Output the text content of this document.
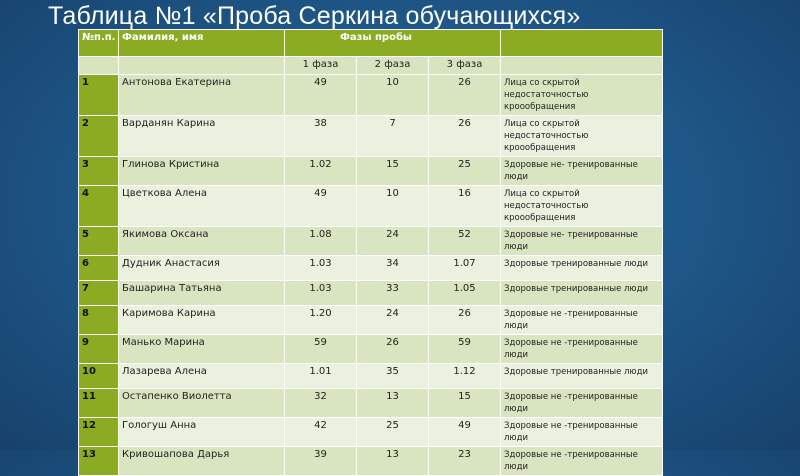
Таблица №1 «Проба Серкина обучающихся»
№п.п.	Фамилия, имя	Фазы пробы			
		1 фаза	2 фаза	3 фаза	
1	Антонова Екатерина	49	10	26	Лица со скрытой недостаточностью кроообращения
2	Варданян Карина	38	7	26	Лица со скрытой недостаточностью кроообращения
3	Глинова Кристина	1.02	15	25	Здоровые не- тренированные люди
4	Цветкова Алена	49	10	16	Лица со скрытой недостаточностью кроообращения
5	Якимова Оксана	1.08	24	52	Здоровые не- тренированные люди
6	Дудник Анастасия	1.03	34	1.07	Здоровые тренированные люди
7	Башарина Татьяна	1.03	33	1.05	Здоровые тренированные люди
8	Каримова Карина	1.20	24	26	Здоровые не -тренированные люди
9	Манько Марина	59	26	59	Здоровые не -тренированные люди
10	Лазарева Алена	1.01	35	1.12	Здоровые тренированные люди
11	Остапенко Виолетта	32	13	15	Здоровые не -тренированные люди
12	Гологуш Анна	42	25	49	Здоровые не -тренированные люди
13	Кривошапова Дарья	39	13	23	Здоровые не -тренированные люди
